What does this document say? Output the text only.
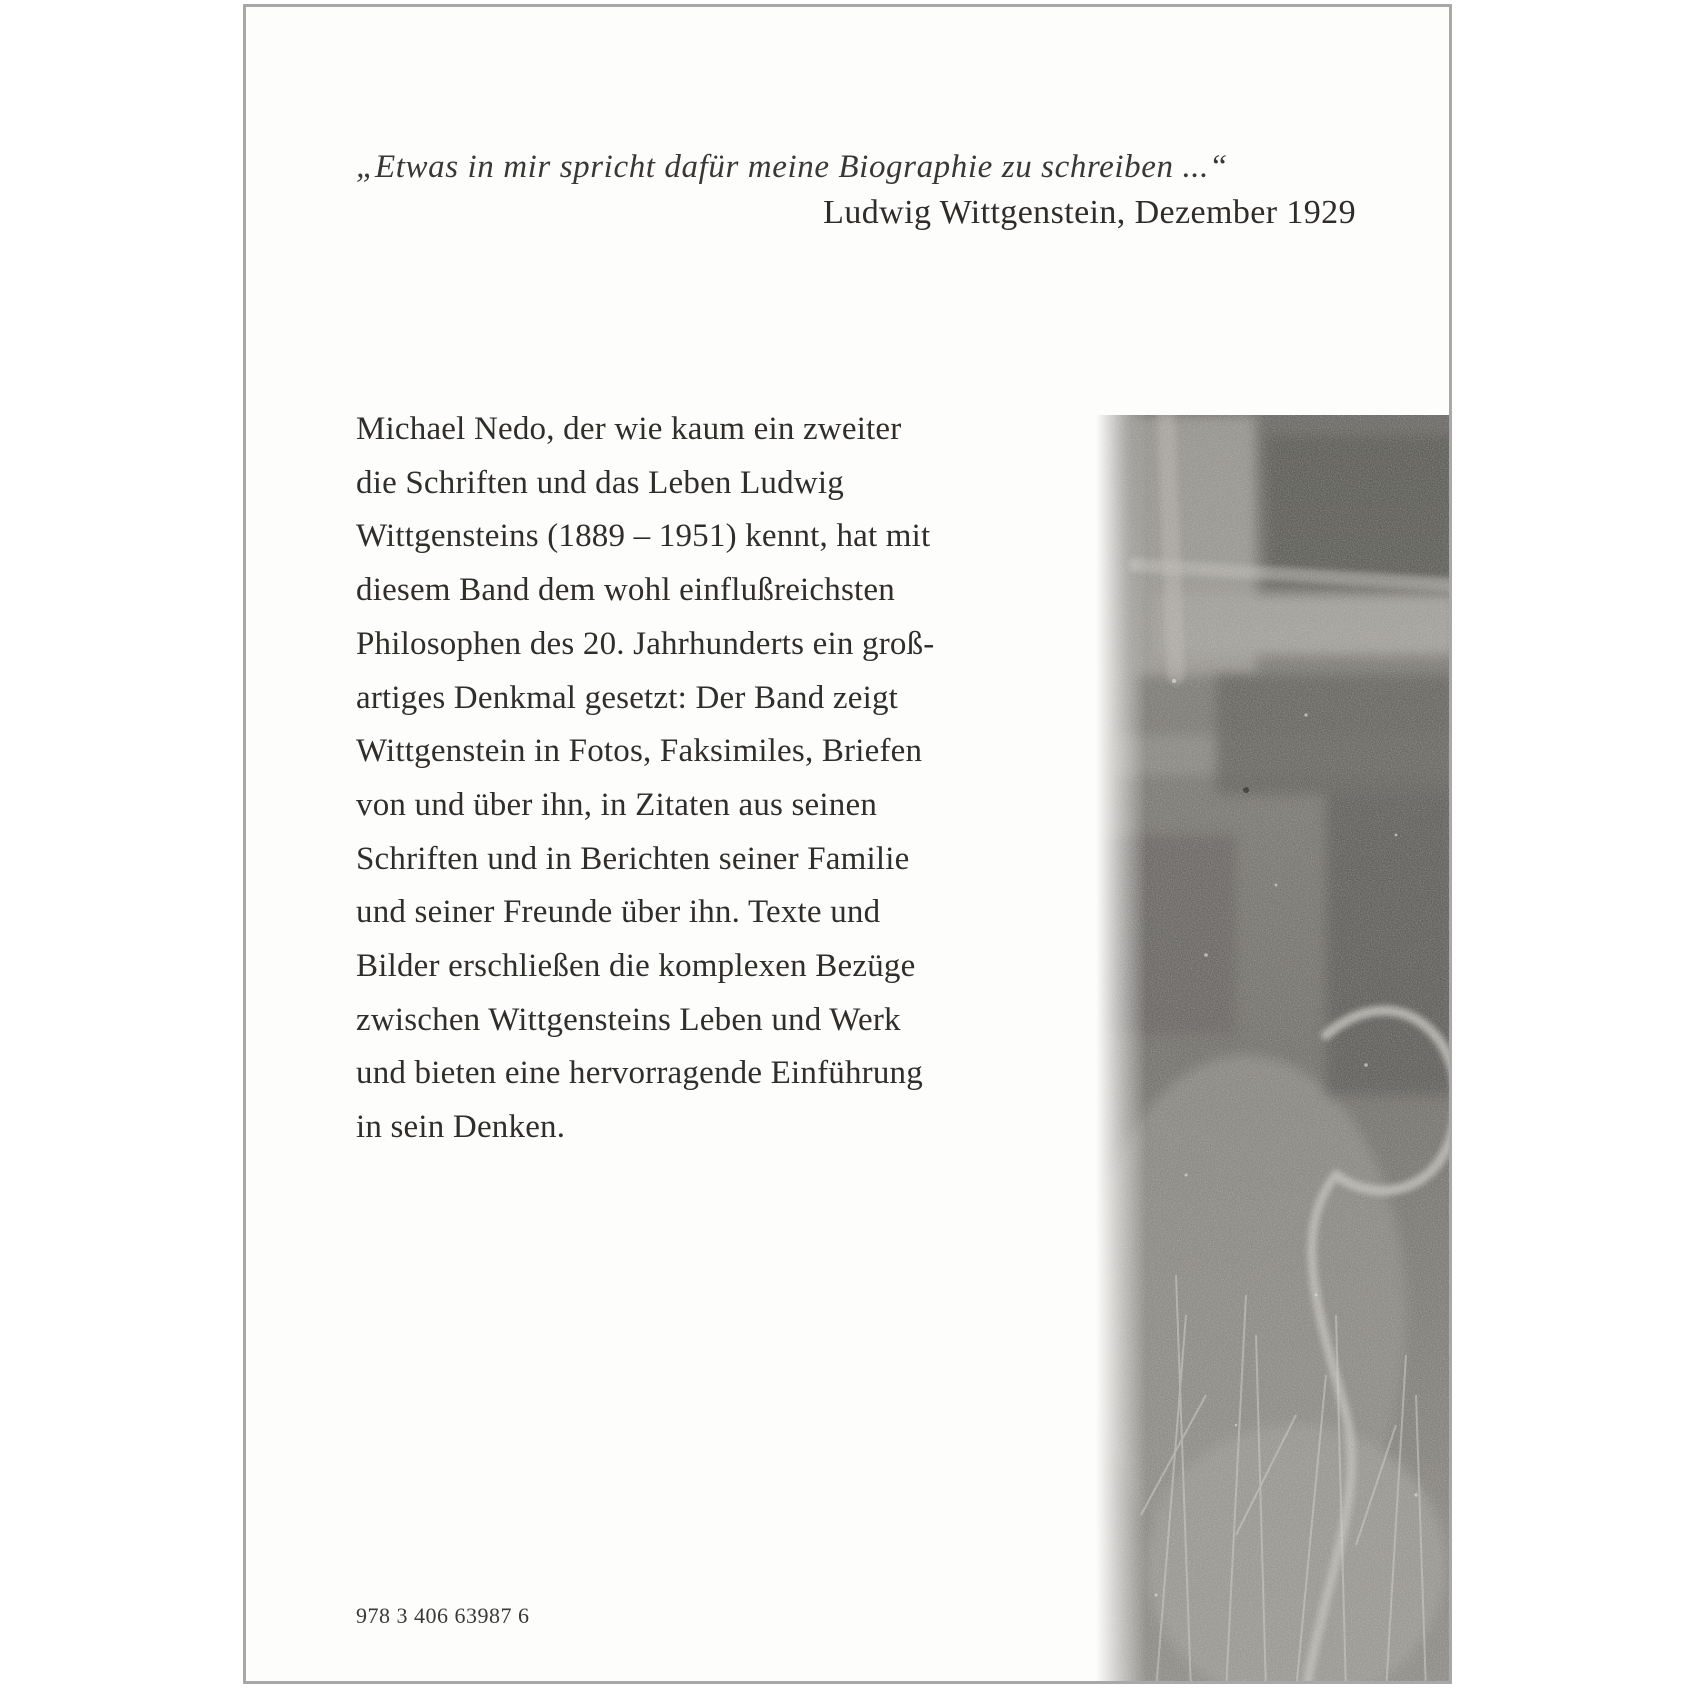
„Etwas in mir spricht dafür meine Biographie zu schreiben ...“
Ludwig Wittgenstein, Dezember 1929
Michael Nedo, der wie kaum ein zweiter
die Schriften und das Leben Ludwig
Wittgensteins (1889 – 1951) kennt, hat mit
diesem Band dem wohl einflußreichsten
Philosophen des 20. Jahrhunderts ein groß-
artiges Denkmal gesetzt: Der Band zeigt
Wittgenstein in Fotos, Faksimiles, Briefen
von und über ihn, in Zitaten aus seinen
Schriften und in Berichten seiner Familie
und seiner Freunde über ihn. Texte und
Bilder erschließen die komplexen Bezüge
zwischen Wittgensteins Leben und Werk
und bieten eine hervorragende Einführung
in sein Denken.
978 3 406 63987 6
